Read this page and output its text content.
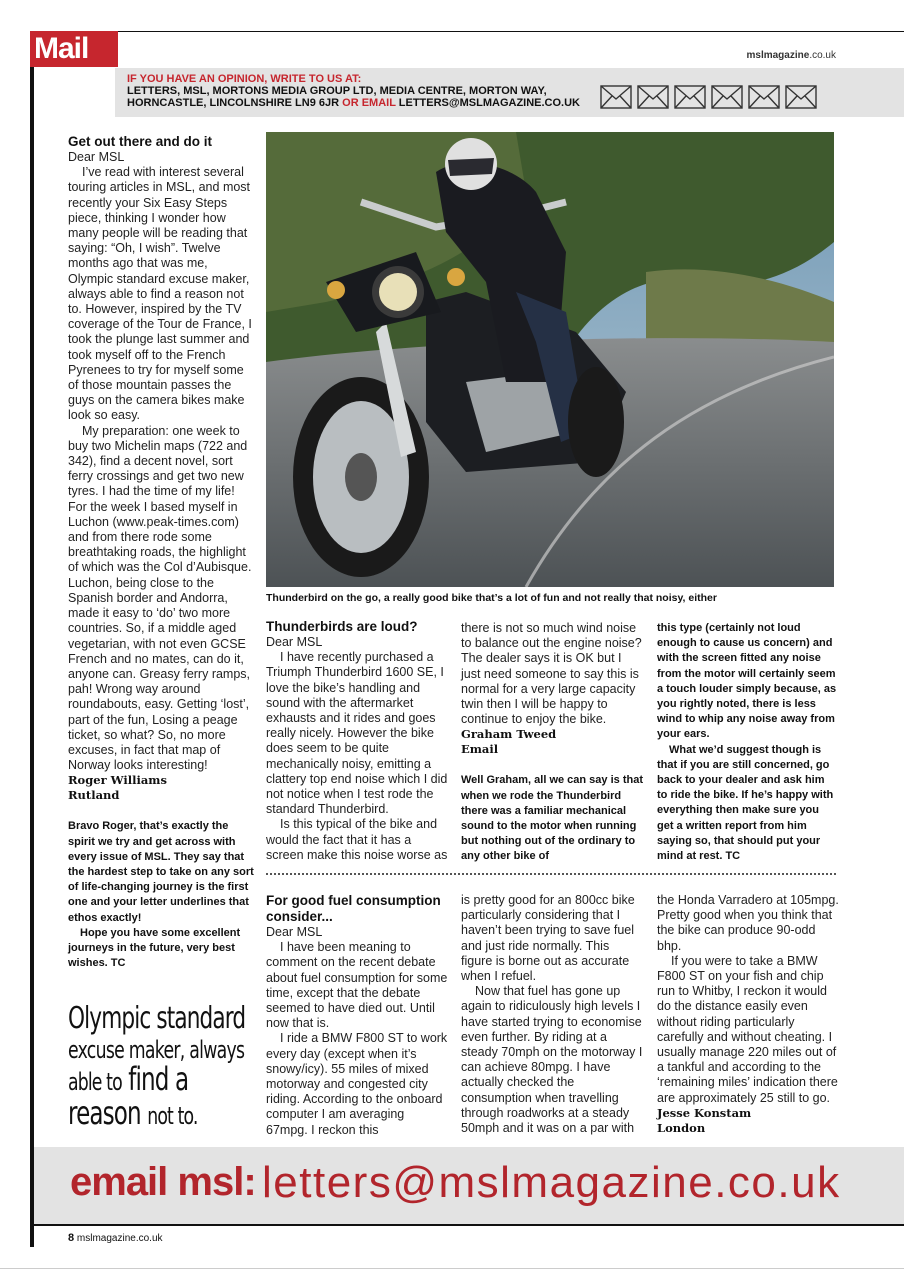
Mail	mslmagazine.co.uk
IF YOU HAVE AN OPINION, WRITE TO US AT:
LETTERS, MSL, MORTONS MEDIA GROUP LTD, MEDIA CENTRE, MORTON WAY,
HORNCASTLE, LINCOLNSHIRE LN9 6JR OR EMAIL LETTERS@MSLMAGAZINE.CO.UK
Get out there and do it

Dear MSL

I’ve read with interest several touring articles in MSL, and most recently your Six Easy Steps piece, thinking I wonder how many people will be reading that saying: “Oh, I wish”. Twelve months ago that was me, Olympic standard excuse maker, always able to find a reason not to. However, inspired by the TV coverage of the Tour de France, I took the plunge last summer and took myself off to the French Pyrenees to try for myself some of those mountain passes the guys on the camera bikes make look so easy.

My preparation: one week to buy two Michelin maps (722 and 342), find a decent novel, sort ferry crossings and get two new tyres. I had the time of my life! For the week I based myself in Luchon (www.peak-times.com) and from there rode some breathtaking roads, the highlight of which was the Col d’Aubisque. Luchon, being close to the Spanish border and Andorra, made it easy to ‘do’ two more countries. So, if a middle aged vegetarian, with not even GCSE French and no mates, can do it, anyone can. Greasy ferry ramps, pah! Wrong way around roundabouts, easy. Getting ‘lost’, part of the fun, Losing a peage ticket, so what? So, no more excuses, in fact that map of Norway looks interesting!

Roger Williams
Rutland

Bravo Roger, that’s exactly the spirit we try and get across with every issue of MSL. They say that the hardest step to take on any sort of life-changing journey is the first one and your letter underlines that ethos exactly!

Hope you have some excellent journeys in the future, very best wishes. TC

Olympic standard
excuse maker, always
able to find a
reason not to.
Thunderbird on the go, a really good bike that’s a lot of fun and not really that noisy, either
Thunderbirds are loud?

Dear MSL

I have recently purchased a Triumph Thunderbird 1600 SE, I love the bike’s handling and sound with the aftermarket exhausts and it rides and goes really nicely. However the bike does seem to be quite mechanically noisy, emitting a clattery top end noise which I did not notice when I test rode the standard Thunderbird.

Is this typical of the bike and would the fact that it has a screen make this noise worse as

there is not so much wind noise to balance out the engine noise? The dealer says it is OK but I just need someone to say this is normal for a very large capacity twin then I will be happy to continue to enjoy the bike.

Graham Tweed
Email

Well Graham, all we can say is that when we rode the Thunderbird there was a familiar mechanical sound to the motor when running but nothing out of the ordinary to any other bike of

this type (certainly not loud enough to cause us concern) and with the screen fitted any noise from the motor will certainly seem a touch louder simply because, as you rightly noted, there is less wind to whip any noise away from your ears.

What we’d suggest though is that if you are still concerned, go back to your dealer and ask him to ride the bike. If he’s happy with everything then make sure you get a written report from him saying so, that should put your mind at rest. TC

For good fuel consumption consider...

Dear MSL

I have been meaning to comment on the recent debate about fuel consumption for some time, except that the debate seemed to have died out. Until now that is.

I ride a BMW F800 ST to work every day (except when it’s snowy/icy). 55 miles of mixed motorway and congested city riding. According to the onboard computer I am averaging 67mpg. I reckon this

is pretty good for an 800cc bike particularly considering that I haven’t been trying to save fuel and just ride normally. This figure is borne out as accurate when I refuel.

Now that fuel has gone up again to ridiculously high levels I have started trying to economise even further. By riding at a steady 70mph on the motorway I can achieve 80mpg. I have actually checked the consumption when travelling through roadworks at a steady 50mph and it was on a par with

the Honda Varradero at 105mpg. Pretty good when you think that the bike can produce 90-odd bhp.

If you were to take a BMW F800 ST on your fish and chip run to Whitby, I reckon it would do the distance easily even without riding particularly carefully and without cheating. I usually manage 220 miles out of a tankful and according to the ‘remaining miles’ indication there are approximately 25 still to go.

Jesse Konstam
London
email msl: letters@mslmagazine.co.uk
8 mslmagazine.co.uk
